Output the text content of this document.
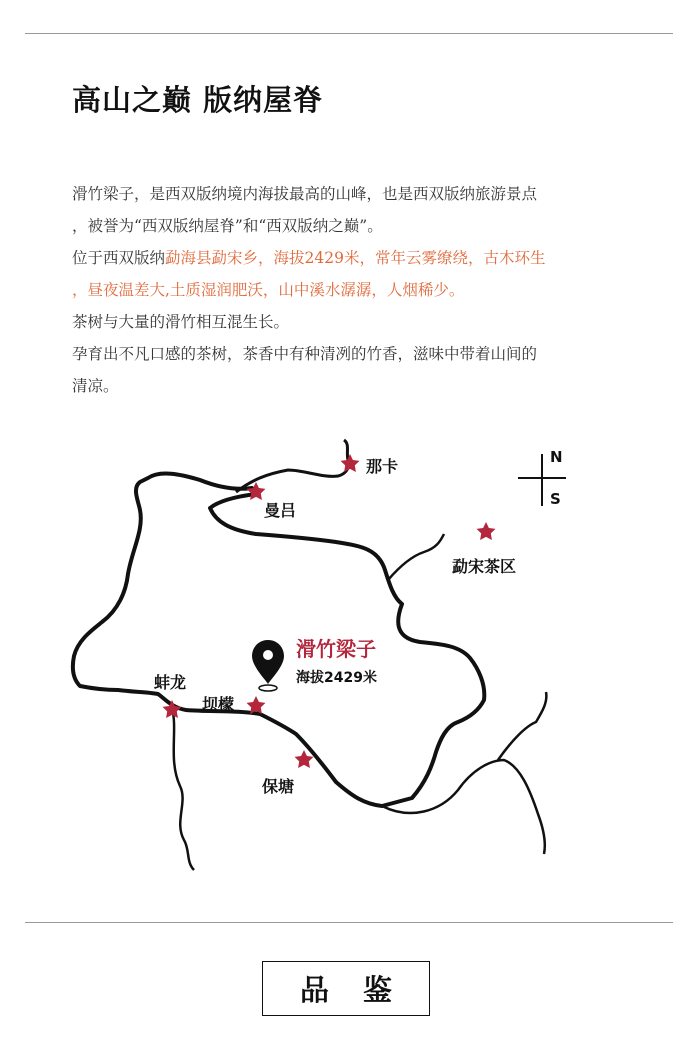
高山之巅 版纳屋脊

滑竹梁子，是西双版纳境内海拔最高的山峰，也是西双版纳旅游景点

，被誉为“西双版纳屋脊”和“西双版纳之巅”。

位于西双版纳勐海县勐宋乡，海拔2429米，常年云雾缭绕，古木环生

，昼夜温差大,土质湿润肥沃，山中溪水潺潺，人烟稀少。

茶树与大量的滑竹相互混生长。

孕育出不凡口感的茶树，茶香中有种清冽的竹香，滋味中带着山间的

清凉。

N
S
滑竹梁子
海拔2429米
那卡
曼吕
勐宋茶区
蚌龙
坝檬
保塘
品鉴
